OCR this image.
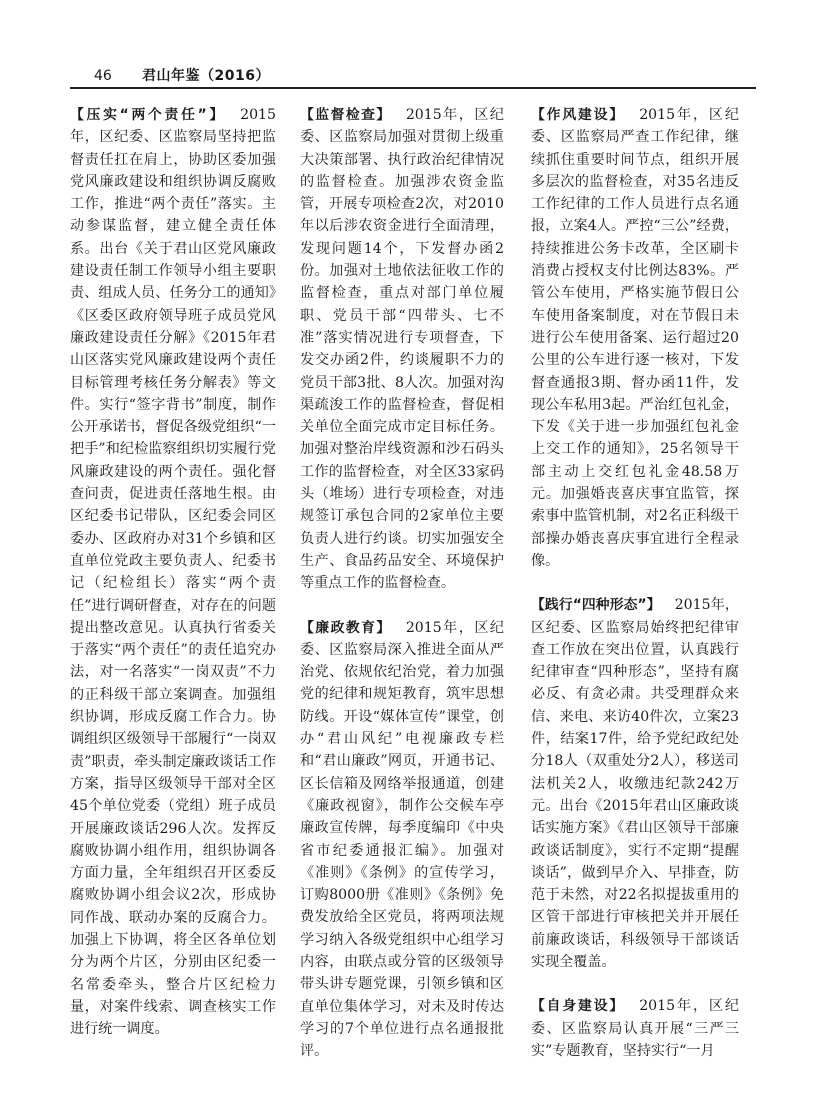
46 君山年鉴（2016）

【压实“两个责任”】  2015年，区纪委、区监察局坚持把监督责任扛在肩上，协助区委加强党风廉政建设和组织协调反腐败工作，推进“两个责任”落实。主动参谋监督，建立健全责任体系。出台《关于君山区党风廉政建设责任制工作领导小组主要职责、组成人员、任务分工的通知》《区委区政府领导班子成员党风廉政建设责任分解》《2015年君山区落实党风廉政建设两个责任目标管理考核任务分解表》等文件。实行“签字背书”制度，制作公开承诺书，督促各级党组织“一把手”和纪检监察组织切实履行党风廉政建设的两个责任。强化督查问责，促进责任落地生根。由区纪委书记带队，区纪委会同区委办、区政府办对31个乡镇和区直单位党政主要负责人、纪委书记（纪检组长）落实“两个责任”进行调研督查，对存在的问题提出整改意见。认真执行省委关于落实“两个责任”的责任追究办法，对一名落实“一岗双责”不力的正科级干部立案调查。加强组织协调，形成反腐工作合力。协调组织区级领导干部履行“一岗双责”职责，牵头制定廉政谈话工作方案，指导区级领导干部对全区45个单位党委（党组）班子成员开展廉政谈话296人次。发挥反腐败协调小组作用，组织协调各方面力量，全年组织召开区委反腐败协调小组会议2次，形成协同作战、联动办案的反腐合力。加强上下协调，将全区各单位划分为两个片区，分别由区纪委一名常委牵头，整合片区纪检力量，对案件线索、调查核实工作进行统一调度。

【监督检查】  2015年，区纪委、区监察局加强对贯彻上级重大决策部署、执行政治纪律情况的监督检查。加强涉农资金监管，开展专项检查2次，对2010年以后涉农资金进行全面清理，发现问题14个，下发督办函2份。加强对土地依法征收工作的监督检查，重点对部门单位履职、党员干部“四带头、七不准”落实情况进行专项督查，下发交办函2件，约谈履职不力的党员干部3批、8人次。加强对沟渠疏浚工作的监督检查，督促相关单位全面完成市定目标任务。加强对整治岸线资源和沙石码头工作的监督检查，对全区33家码头（堆场）进行专项检查，对违规签订承包合同的2家单位主要负责人进行约谈。切实加强安全生产、食品药品安全、环境保护等重点工作的监督检查。

【廉政教育】  2015年，区纪委、区监察局深入推进全面从严治党、依规依纪治党，着力加强党的纪律和规矩教育，筑牢思想防线。开设“媒体宣传”课堂，创办“君山风纪”电视廉政专栏和“君山廉政”网页，开通书记、区长信箱及网络举报通道，创建《廉政视窗》，制作公交候车亭廉政宣传牌，每季度编印《中央省市纪委通报汇编》。加强对《准则》《条例》的宣传学习，订购8000册《准则》《条例》免费发放给全区党员，将两项法规学习纳入各级党组织中心组学习内容，由联点或分管的区级领导带头讲专题党课，引领乡镇和区直单位集体学习，对未及时传达学习的7个单位进行点名通报批评。

【作风建设】  2015年，区纪委、区监察局严查工作纪律，继续抓住重要时间节点，组织开展多层次的监督检查，对35名违反工作纪律的工作人员进行点名通报，立案4人。严控“三公”经费，持续推进公务卡改革，全区刷卡消费占授权支付比例达83%。严管公车使用，严格实施节假日公车使用备案制度，对在节假日未进行公车使用备案、运行超过20公里的公车进行逐一核对，下发督查通报3期、督办函11件，发现公车私用3起。严治红包礼金，下发《关于进一步加强红包礼金上交工作的通知》，25名领导干部主动上交红包礼金48.58万元。加强婚丧喜庆事宜监管，探索事中监管机制，对2名正科级干部操办婚丧喜庆事宜进行全程录像。

【践行“四种形态”】  2015年，区纪委、区监察局始终把纪律审查工作放在突出位置，认真践行纪律审查“四种形态”，坚持有腐必反、有贪必肃。共受理群众来信、来电、来访40件次，立案23件，结案17件，给予党纪政纪处分18人（双重处分2人），移送司法机关2人，收缴违纪款242万元。出台《2015年君山区廉政谈话实施方案》《君山区领导干部廉政谈话制度》，实行不定期“提醒谈话”，做到早介入、早排查，防范于未然，对22名拟提拔重用的区管干部进行审核把关并开展任前廉政谈话，科级领导干部谈话实现全覆盖。

【自身建设】  2015年，区纪委、区监察局认真开展“三严三实”专题教育，坚持实行“一月
